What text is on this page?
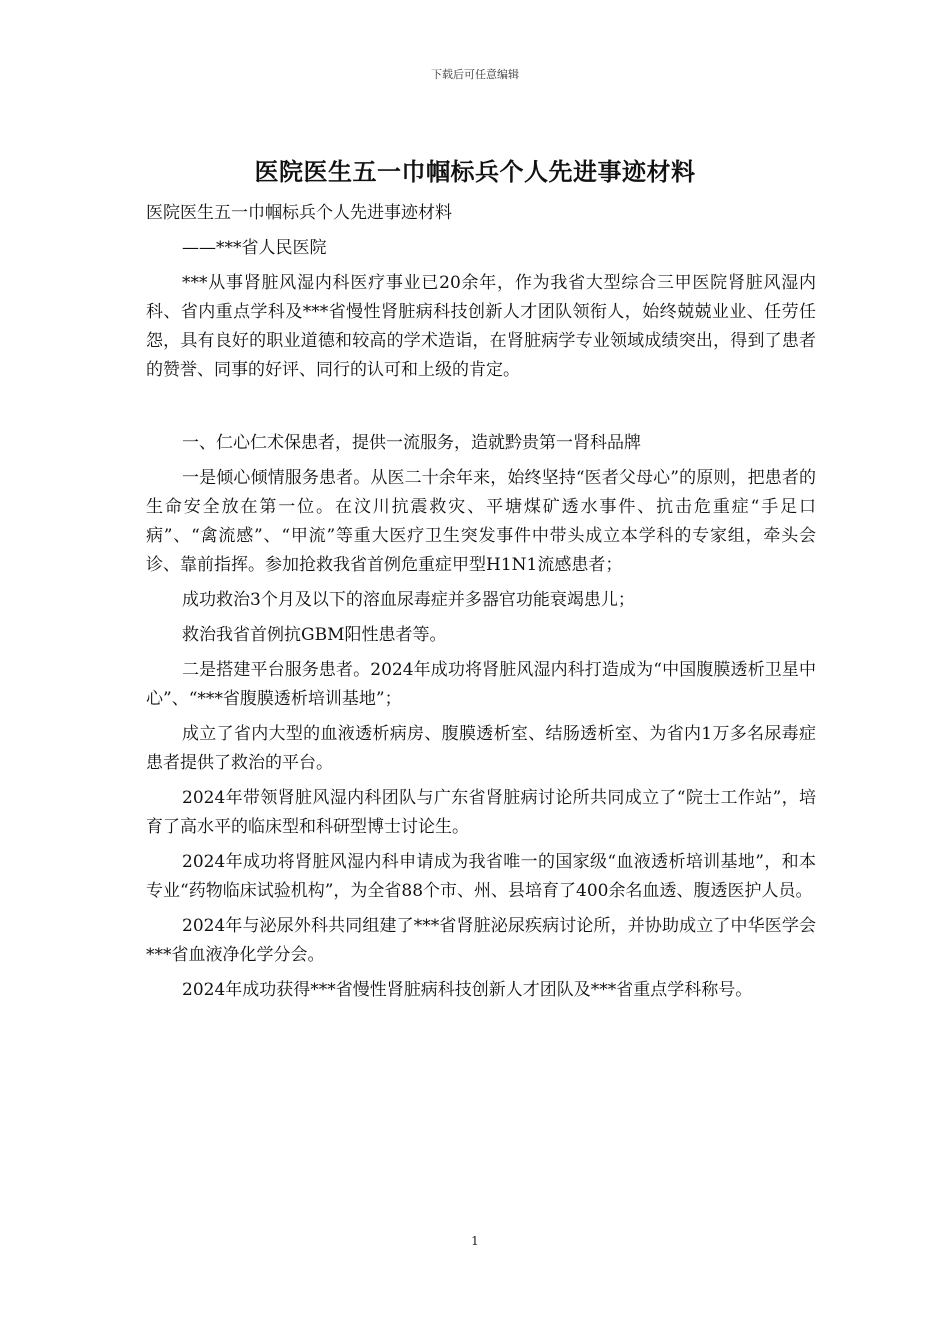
下载后可任意编辑
医院医生五一巾帼标兵个人先进事迹材料

医院医生五一巾帼标兵个人先进事迹材料

——***省人民医院

***从事肾脏风湿内科医疗事业已20余年，作为我省大型综合三甲医院肾脏风湿内科、省内重点学科及***省慢性肾脏病科技创新人才团队领衔人，始终兢兢业业、任劳任怨，具有良好的职业道德和较高的学术造诣，在肾脏病学专业领域成绩突出，得到了患者的赞誉、同事的好评、同行的认可和上级的肯定。

一、仁心仁术保患者，提供一流服务，造就黔贵第一肾科品牌

一是倾心倾情服务患者。从医二十余年来，始终坚持“医者父母心”的原则，把患者的生命安全放在第一位。在汶川抗震救灾、平塘煤矿透水事件、抗击危重症“手足口病”、“禽流感”、“甲流”等重大医疗卫生突发事件中带头成立本学科的专家组，牵头会诊、靠前指挥。参加抢救我省首例危重症甲型H1N1流感患者；

成功救治3个月及以下的溶血尿毒症并多器官功能衰竭患儿；

救治我省首例抗GBM阳性患者等。

二是搭建平台服务患者。2024年成功将肾脏风湿内科打造成为“中国腹膜透析卫星中心”、“***省腹膜透析培训基地”；

成立了省内大型的血液透析病房、腹膜透析室、结肠透析室、为省内1万多名尿毒症患者提供了救治的平台。

2024年带领肾脏风湿内科团队与广东省肾脏病讨论所共同成立了“院士工作站”，培育了高水平的临床型和科研型博士讨论生。

2024年成功将肾脏风湿内科申请成为我省唯一的国家级“血液透析培训基地”，和本专业“药物临床试验机构”，为全省88个市、州、县培育了400余名血透、腹透医护人员。

2024年与泌尿外科共同组建了***省肾脏泌尿疾病讨论所，并协助成立了中华医学会***省血液净化学分会。

2024年成功获得***省慢性肾脏病科技创新人才团队及***省重点学科称号。

1
